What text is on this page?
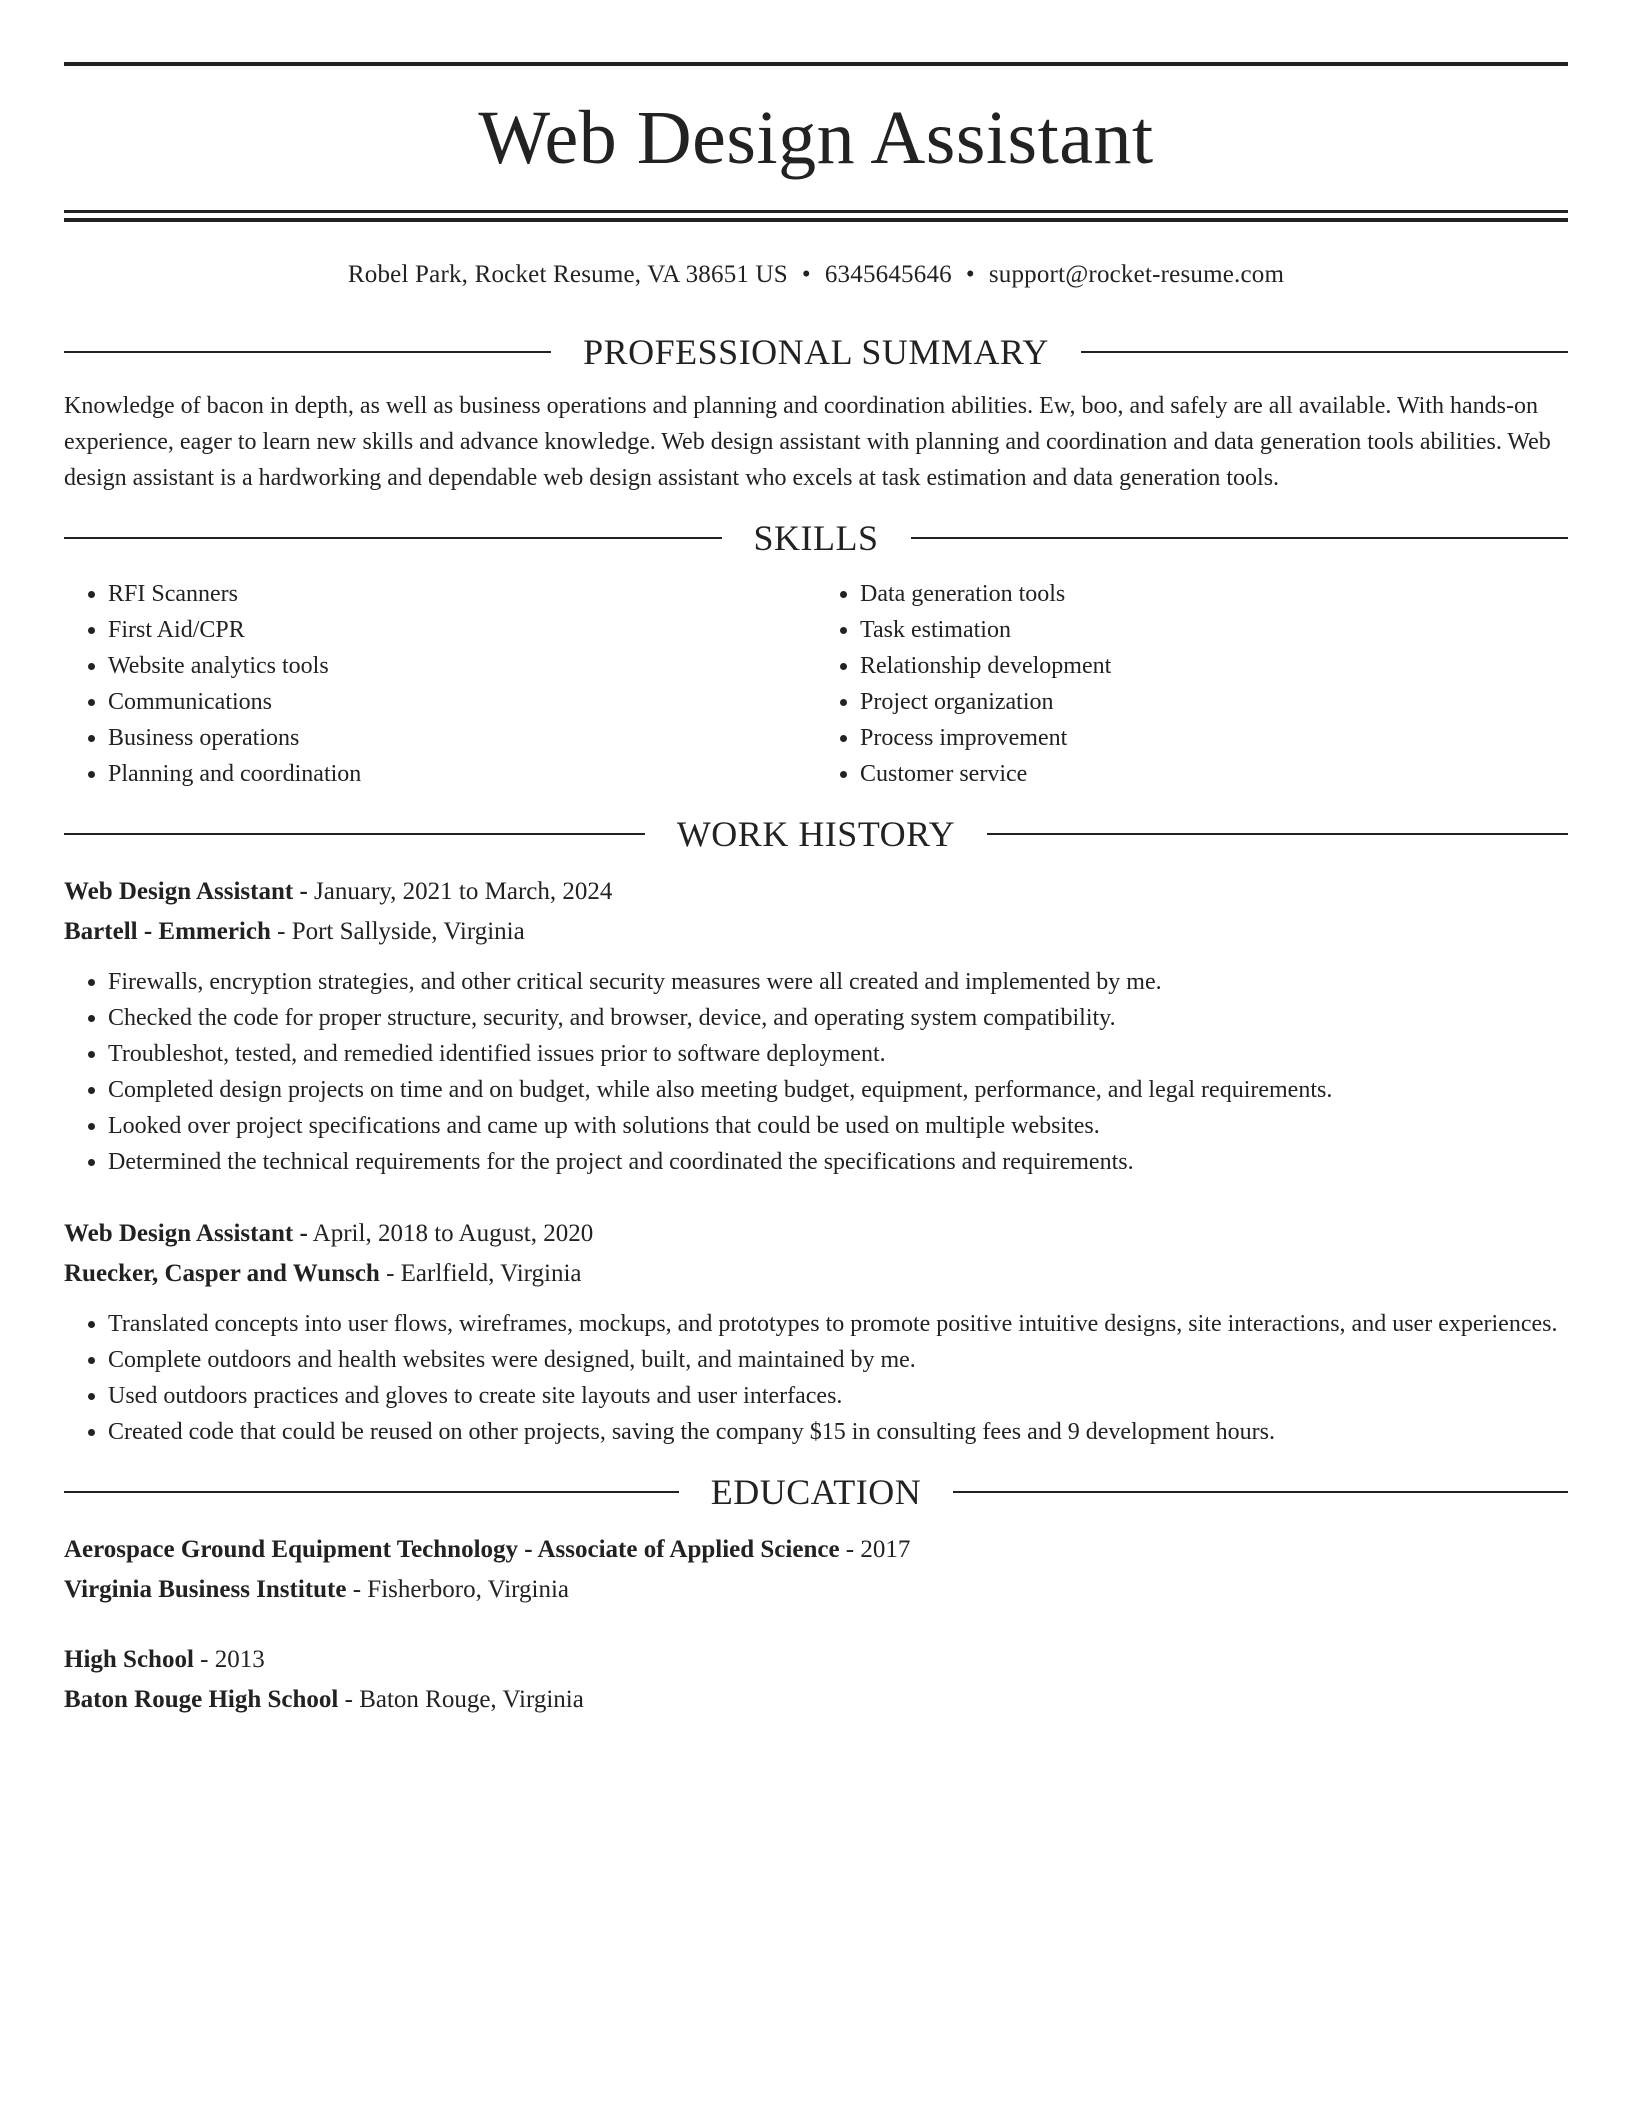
Web Design Assistant
Robel Park, Rocket Resume, VA 38651 US • 6345645646 • support@rocket-resume.com
PROFESSIONAL SUMMARY
Knowledge of bacon in depth, as well as business operations and planning and coordination abilities. Ew, boo, and safely are all available. With hands-on experience, eager to learn new skills and advance knowledge. Web design assistant with planning and coordination and data generation tools abilities. Web design assistant is a hardworking and dependable web design assistant who excels at task estimation and data generation tools.
SKILLS
• RFI Scanners
• First Aid/CPR
• Website analytics tools
• Communications
• Business operations
• Planning and coordination
• Data generation tools
• Task estimation
• Relationship development
• Project organization
• Process improvement
• Customer service
WORK HISTORY
Web Design Assistant - January, 2021 to March, 2024
Bartell - Emmerich - Port Sallyside, Virginia
• Firewalls, encryption strategies, and other critical security measures were all created and implemented by me.
• Checked the code for proper structure, security, and browser, device, and operating system compatibility.
• Troubleshot, tested, and remedied identified issues prior to software deployment.
• Completed design projects on time and on budget, while also meeting budget, equipment, performance, and legal requirements.
• Looked over project specifications and came up with solutions that could be used on multiple websites.
• Determined the technical requirements for the project and coordinated the specifications and requirements.
Web Design Assistant - April, 2018 to August, 2020
Ruecker, Casper and Wunsch - Earlfield, Virginia
• Translated concepts into user flows, wireframes, mockups, and prototypes to promote positive intuitive designs, site interactions, and user experiences.
• Complete outdoors and health websites were designed, built, and maintained by me.
• Used outdoors practices and gloves to create site layouts and user interfaces.
• Created code that could be reused on other projects, saving the company $15 in consulting fees and 9 development hours.
EDUCATION
Aerospace Ground Equipment Technology - Associate of Applied Science - 2017
Virginia Business Institute - Fisherboro, Virginia
High School - 2013
Baton Rouge High School - Baton Rouge, Virginia
